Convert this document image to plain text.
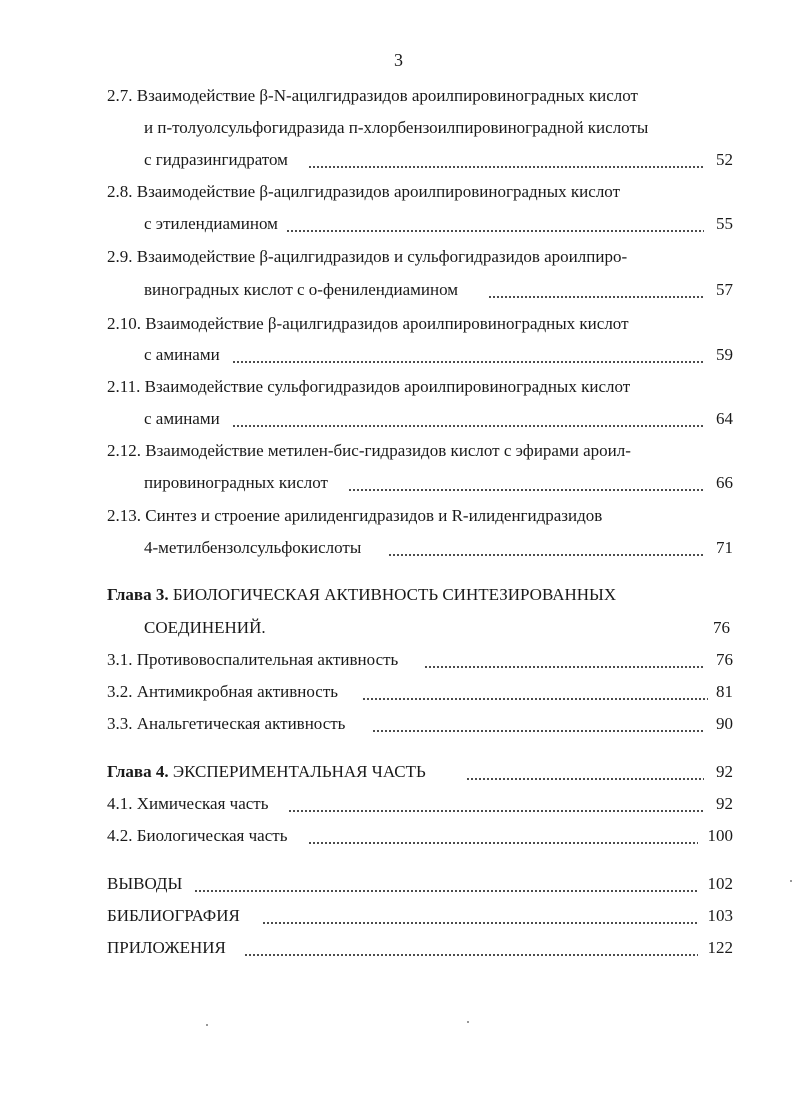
3
2.7. Взаимодействие β-N-ацилгидразидов ароилпировиноградных кислот
и п-толуолсульфогидразида п-хлорбензоилпировиноградной кислоты
с гидразингидратом	52
2.8. Взаимодействие β-ацилгидразидов ароилпировиноградных кислот
с этилендиамином	55
2.9. Взаимодействие β-ацилгидразидов и сульфогидразидов ароилпиро-
виноградных кислот с о-фенилендиамином	57
2.10. Взаимодействие β-ацилгидразидов ароилпировиноградных кислот
с аминами	59
2.11. Взаимодействие сульфогидразидов ароилпировиноградных кислот
с аминами	64
2.12. Взаимодействие метилен-бис-гидразидов кислот с эфирами ароил-
пировиноградных кислот	66
2.13. Синтез и строение арилиденгидразидов и R-илиденгидразидов
4-метилбензолсульфокислоты	71
Глава 3. БИОЛОГИЧЕСКАЯ АКТИВНОСТЬ СИНТЕЗИРОВАННЫХ
СОЕДИНЕНИЙ.	76
3.1. Противовоспалительная активность	76
3.2. Антимикробная активность	81
3.3. Анальгетическая активность	90
Глава 4. ЭКСПЕРИМЕНТАЛЬНАЯ ЧАСТЬ	92
4.1. Химическая часть	92
4.2. Биологическая часть	100
ВЫВОДЫ	102
БИБЛИОГРАФИЯ	103
ПРИЛОЖЕНИЯ	122
